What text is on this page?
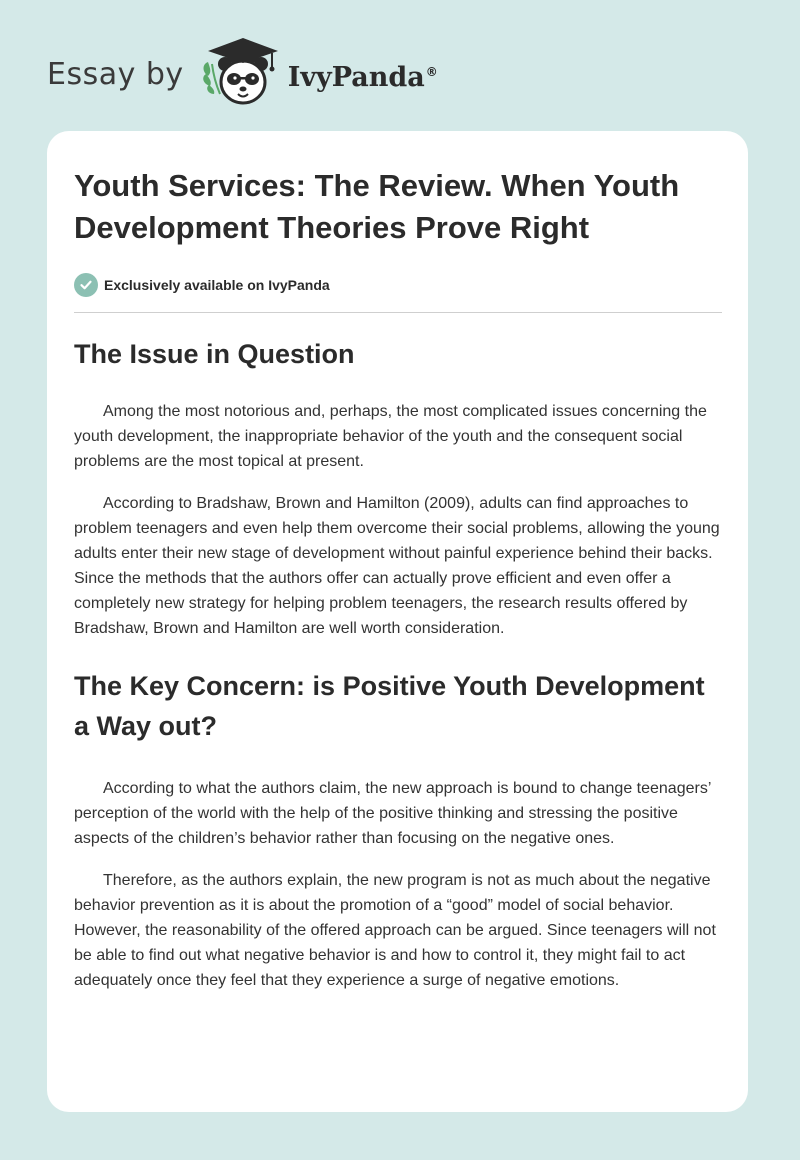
Essay by	IvyPanda®
Youth Services: The Review. When Youth Development Theories Prove Right
Exclusively available on IvyPanda
The Issue in Question

Among the most notorious and, perhaps, the most complicated issues concerning the youth development, the inappropriate behavior of the youth and the consequent social problems are the most topical at present.

According to Bradshaw, Brown and Hamilton (2009), adults can find approaches to problem teenagers and even help them overcome their social problems, allowing the young adults enter their new stage of development without painful experience behind their backs. Since the methods that the authors offer can actually prove efficient and even offer a completely new strategy for helping problem teenagers, the research results offered by Bradshaw, Brown and Hamilton are well worth consideration.

The Key Concern: is Positive Youth Development a Way out?

According to what the authors claim, the new approach is bound to change teenagers’ perception of the world with the help of the positive thinking and stressing the positive aspects of the children’s behavior rather than focusing on the negative ones.

Therefore, as the authors explain, the new program is not as much about the negative behavior prevention as it is about the promotion of a “good” model of social behavior. However, the reasonability of the offered approach can be argued. Since teenagers will not be able to find out what negative behavior is and how to control it, they might fail to act adequately once they feel that they experience a surge of negative emotions.
